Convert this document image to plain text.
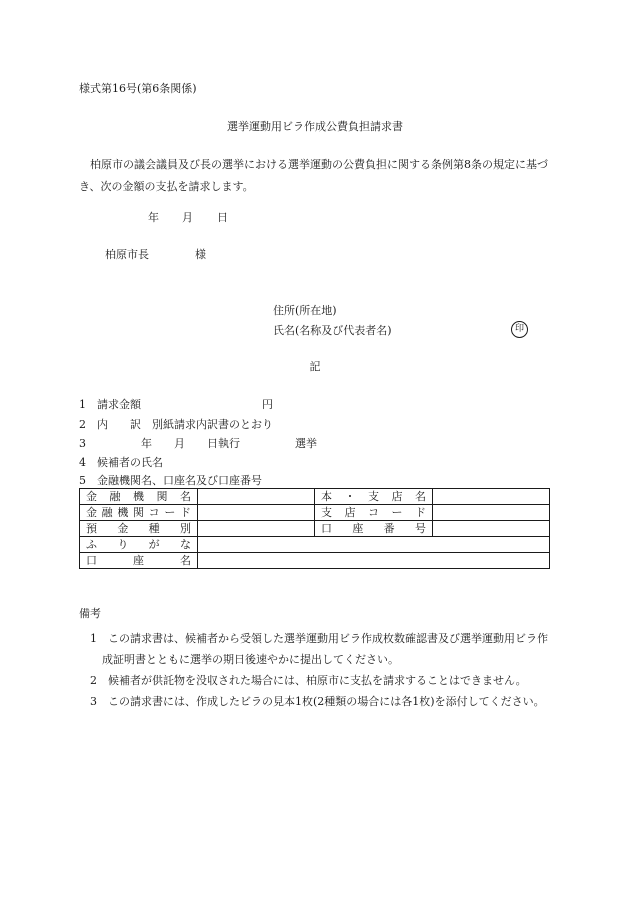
様式第16号(第6条関係)
選挙運動用ビラ作成公費負担請求書
柏原市の議会議員及び長の選挙における選挙運動の公費負担に関する条例第8条の規定に基づき、次の金額の支払を請求します。
年 月 日
柏原市長	様
住所(所在地)
氏名(名称及び代表者名)	印
記
1 請求金額　　　　　　　　　　　円
2 内　　訳　別紙請求内訳書のとおり
3　　　　年　　月　　日執行　　　　　選挙
4 候補者の氏名
5 金融機関名、口座名及び口座番号
金融機関名		本・支店名	
金融機関コード		支店コード	
預金種別		口座番号	
ふりがな			
口座名			
備考
1　 この請求書は、候補者から受領した選挙運動用ビラ作成枚数確認書及び選挙運動用ビラ作成証明書とともに選挙の期日後速やかに提出してください。
2　 候補者が供託物を没収された場合には、柏原市に支払を請求することはできません。
3　 この請求書には、作成したビラの見本1枚(2種類の場合には各1枚)を添付してください。
